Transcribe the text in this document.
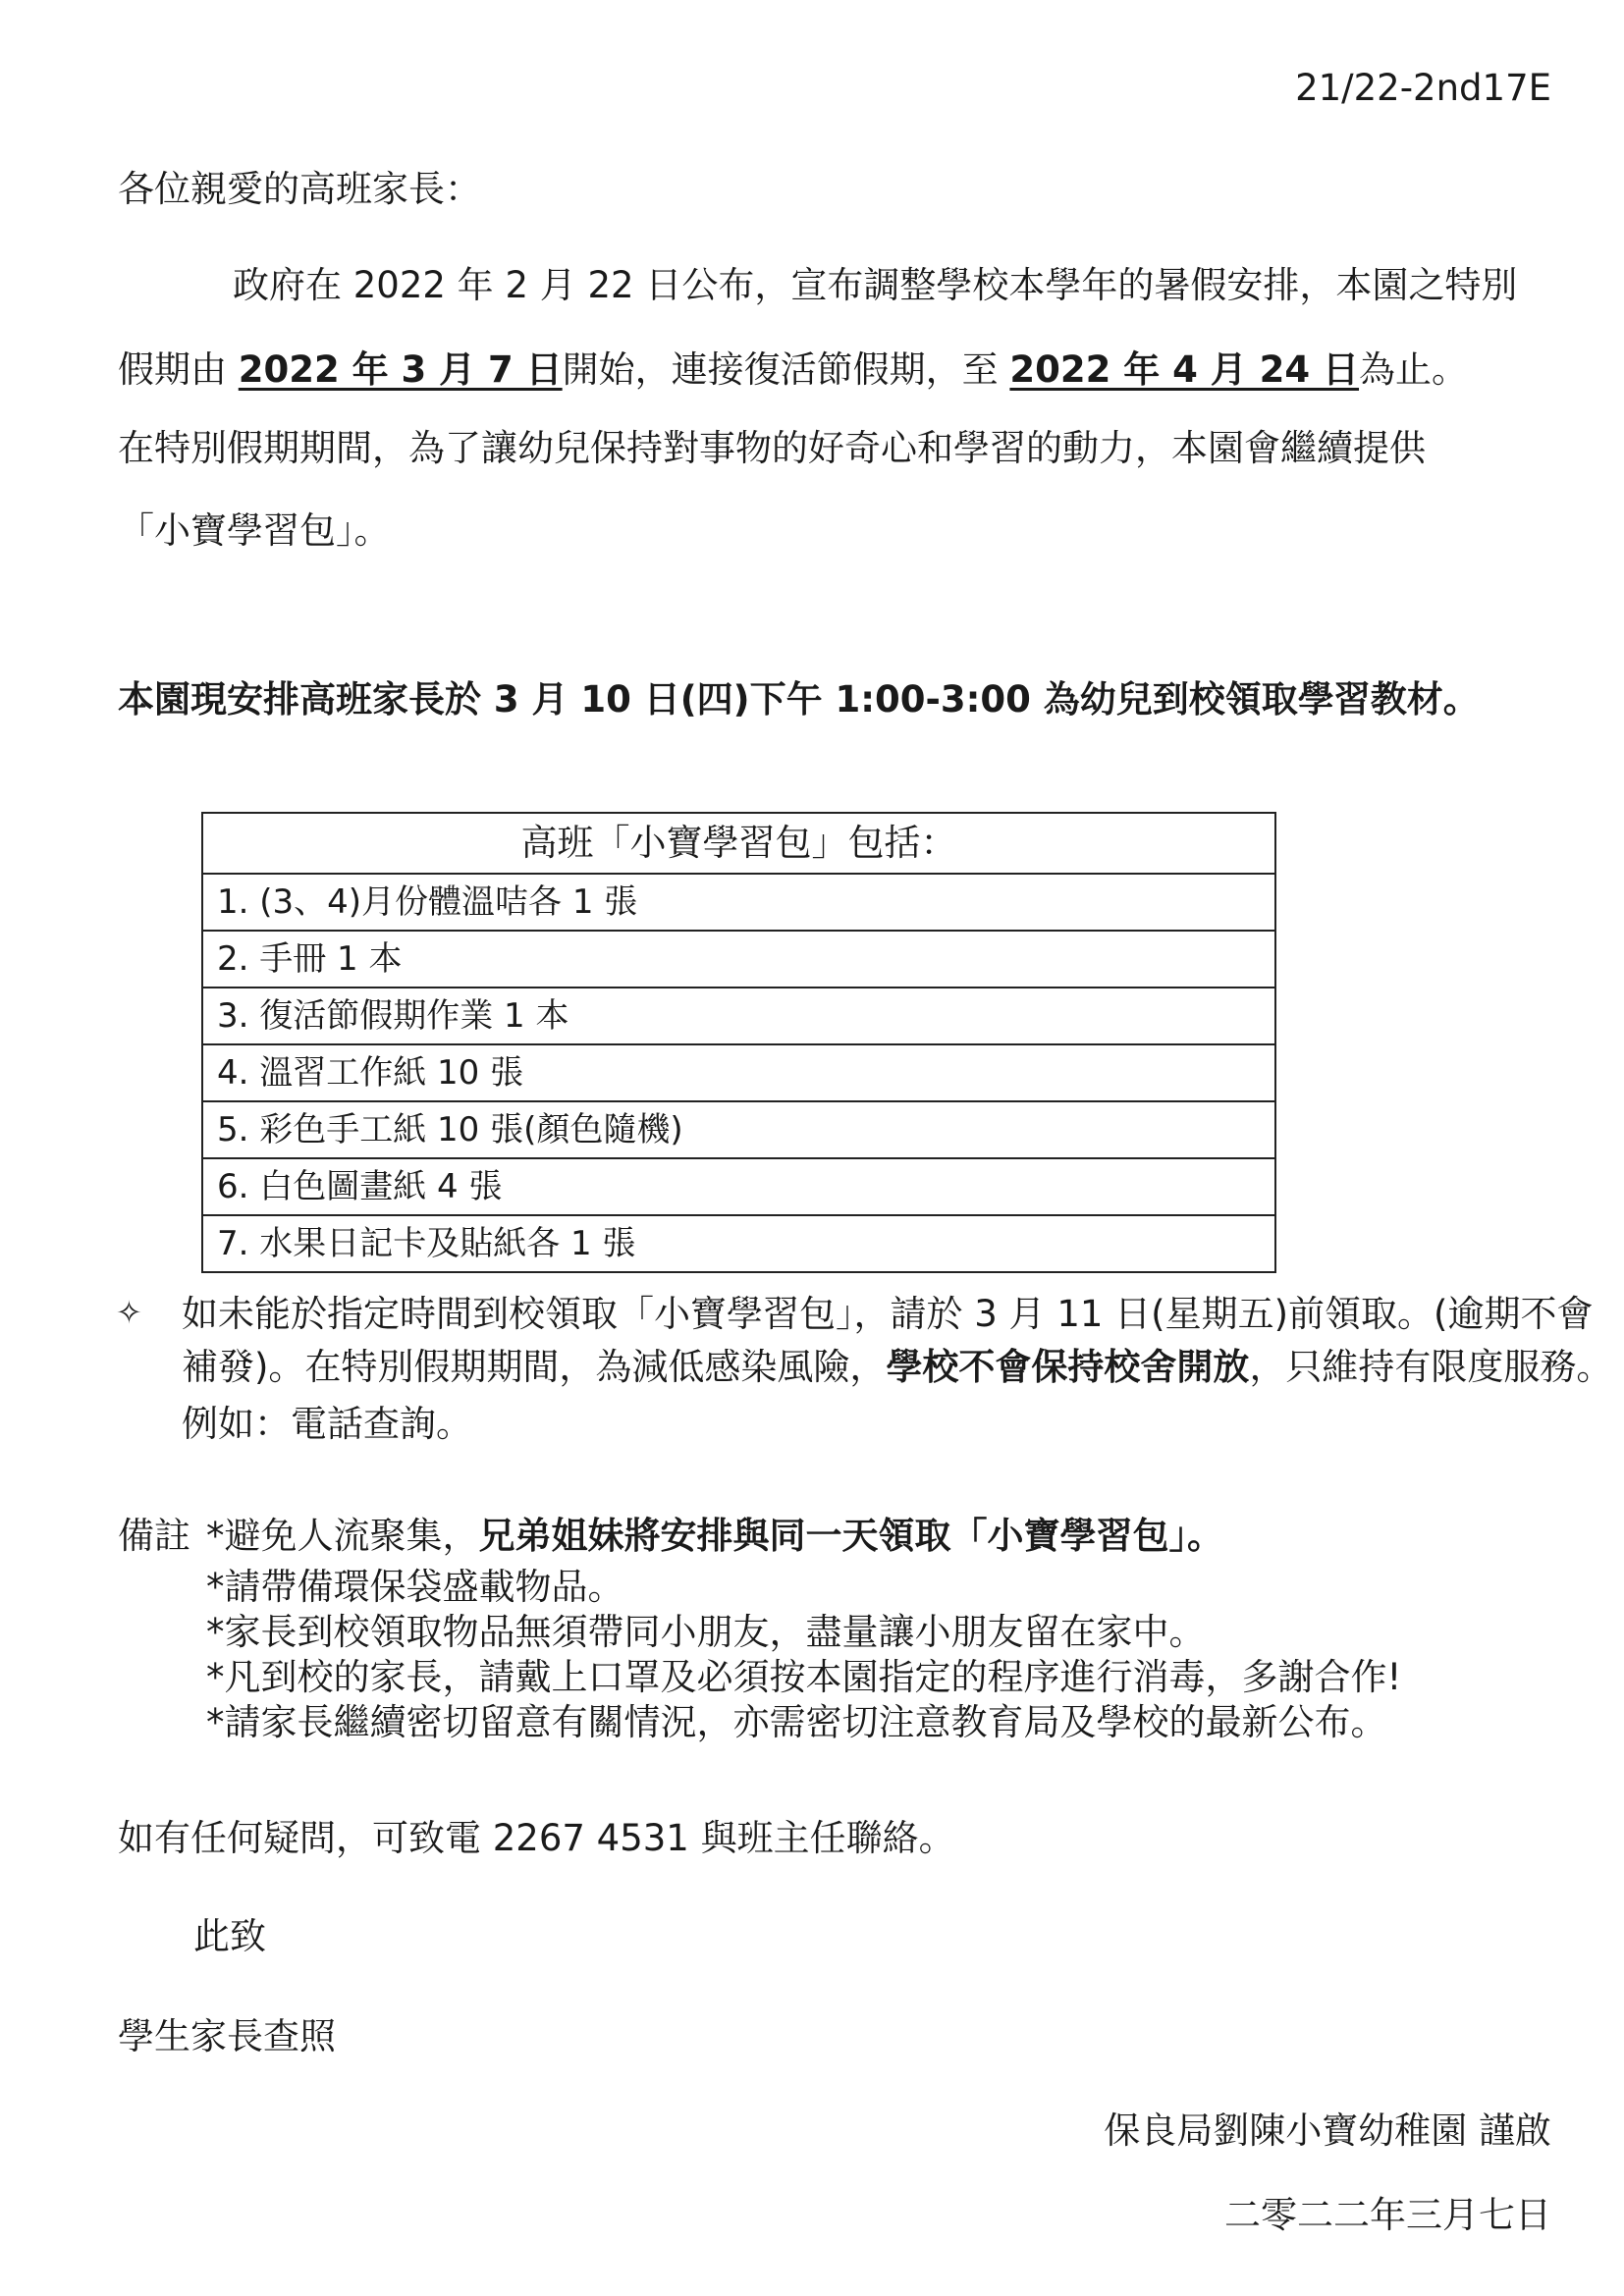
21/22-2nd17E
各位親愛的高班家長：
政府在 2022 年 2 月 22 日公布，宣布調整學校本學年的暑假安排，本園之特別
假期由 2022 年 3 月 7 日開始，連接復活節假期，至 2022 年 4 月 24 日為止。
在特別假期期間，為了讓幼兒保持對事物的好奇心和學習的動力，本園會繼續提供
「小寶學習包」。
本園現安排高班家長於 3 月 10 日(四)下午 1:00-3:00 為幼兒到校領取學習教材。
高班「小寶學習包」包括：
1. (3、4)月份體溫咭各 1 張
2. 手冊 1 本
3. 復活節假期作業 1 本
4. 溫習工作紙 10 張
5. 彩色手工紙 10 張(顏色隨機)
6. 白色圖畫紙 4 張
7. 水果日記卡及貼紙各 1 張
✧ 如未能於指定時間到校領取「小寶學習包」，請於 3 月 11 日(星期五)前領取。(逾期不會
補發)。在特別假期期間，為減低感染風險，學校不會保持校舍開放，只維持有限度服務。
例如：電話查詢。
備註 *避免人流聚集，兄弟姐妹將安排與同一天領取「小寶學習包」。
*請帶備環保袋盛載物品。
*家長到校領取物品無須帶同小朋友，盡量讓小朋友留在家中。
*凡到校的家長，請戴上口罩及必須按本園指定的程序進行消毒，多謝合作!
*請家長繼續密切留意有關情況，亦需密切注意教育局及學校的最新公布。
如有任何疑問，可致電 2267 4531 與班主任聯絡。
此致
學生家長查照
保良局劉陳小寶幼稚園 謹啟
二零二二年三月七日
